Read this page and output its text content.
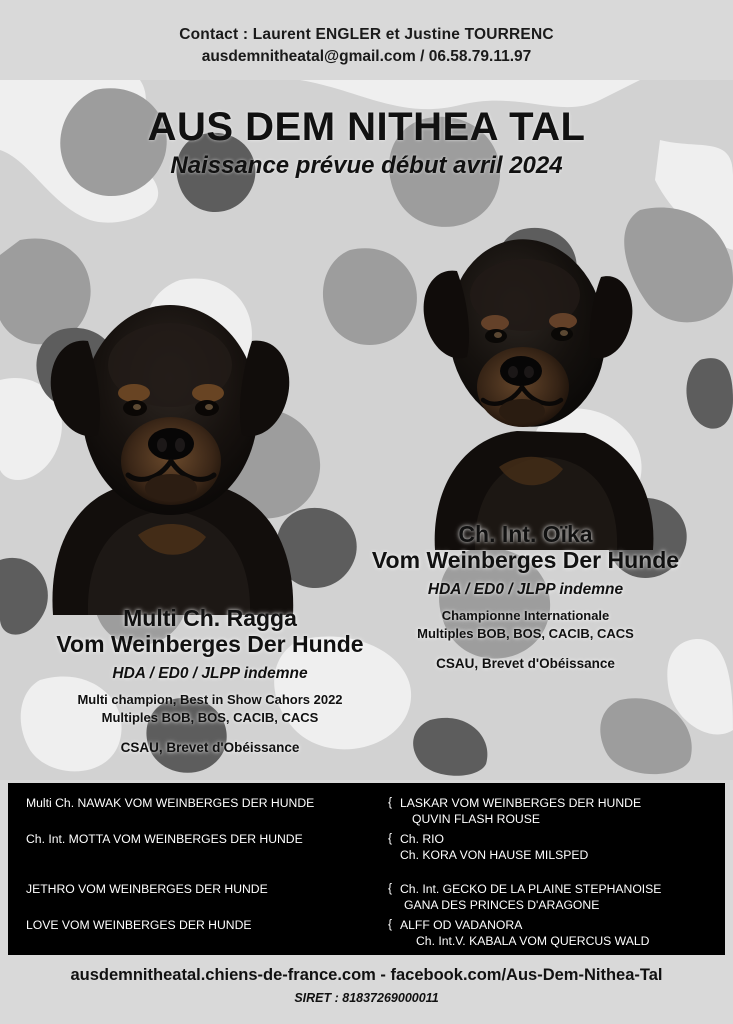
Contact : Laurent ENGLER et Justine TOURRENC
ausdemnitheatal@gmail.com / 06.58.79.11.97
AUS DEM NITHEA TAL
Naissance prévue début avril 2024
Ch. Int. Oïka
Vom Weinberges Der Hunde
HDA / ED0 / JLPP indemne
Championne Internationale
Multiples BOB, BOS, CACIB, CACS
CSAU, Brevet d'Obéissance
Multi Ch. Ragga
Vom Weinberges Der Hunde
HDA / ED0 / JLPP indemne
Multi champion, Best in Show Cahors 2022
Multiples BOB, BOS, CACIB, CACS
CSAU, Brevet d'Obéissance
Multi Ch. NAWAK VOM WEINBERGES DER HUNDE	{ LASKAR VOM WEINBERGES DER HUNDE
QUVIN FLASH ROUSE
Ch. Int. MOTTA VOM WEINBERGES DER HUNDE	{ Ch. RIO
Ch. KORA VON HAUSE MILSPED
JETHRO VOM WEINBERGES DER HUNDE	{ Ch. Int. GECKO DE LA PLAINE STEPHANOISE
GANA DES PRINCES D'ARAGONE
LOVE VOM WEINBERGES DER HUNDE	{ ALFF OD VADANORA
Ch. Int.V. KABALA VOM QUERCUS WALD
ausdemnitheatal.chiens-de-france.com - facebook.com/Aus-Dem-Nithea-Tal
SIRET : 81837269000011
